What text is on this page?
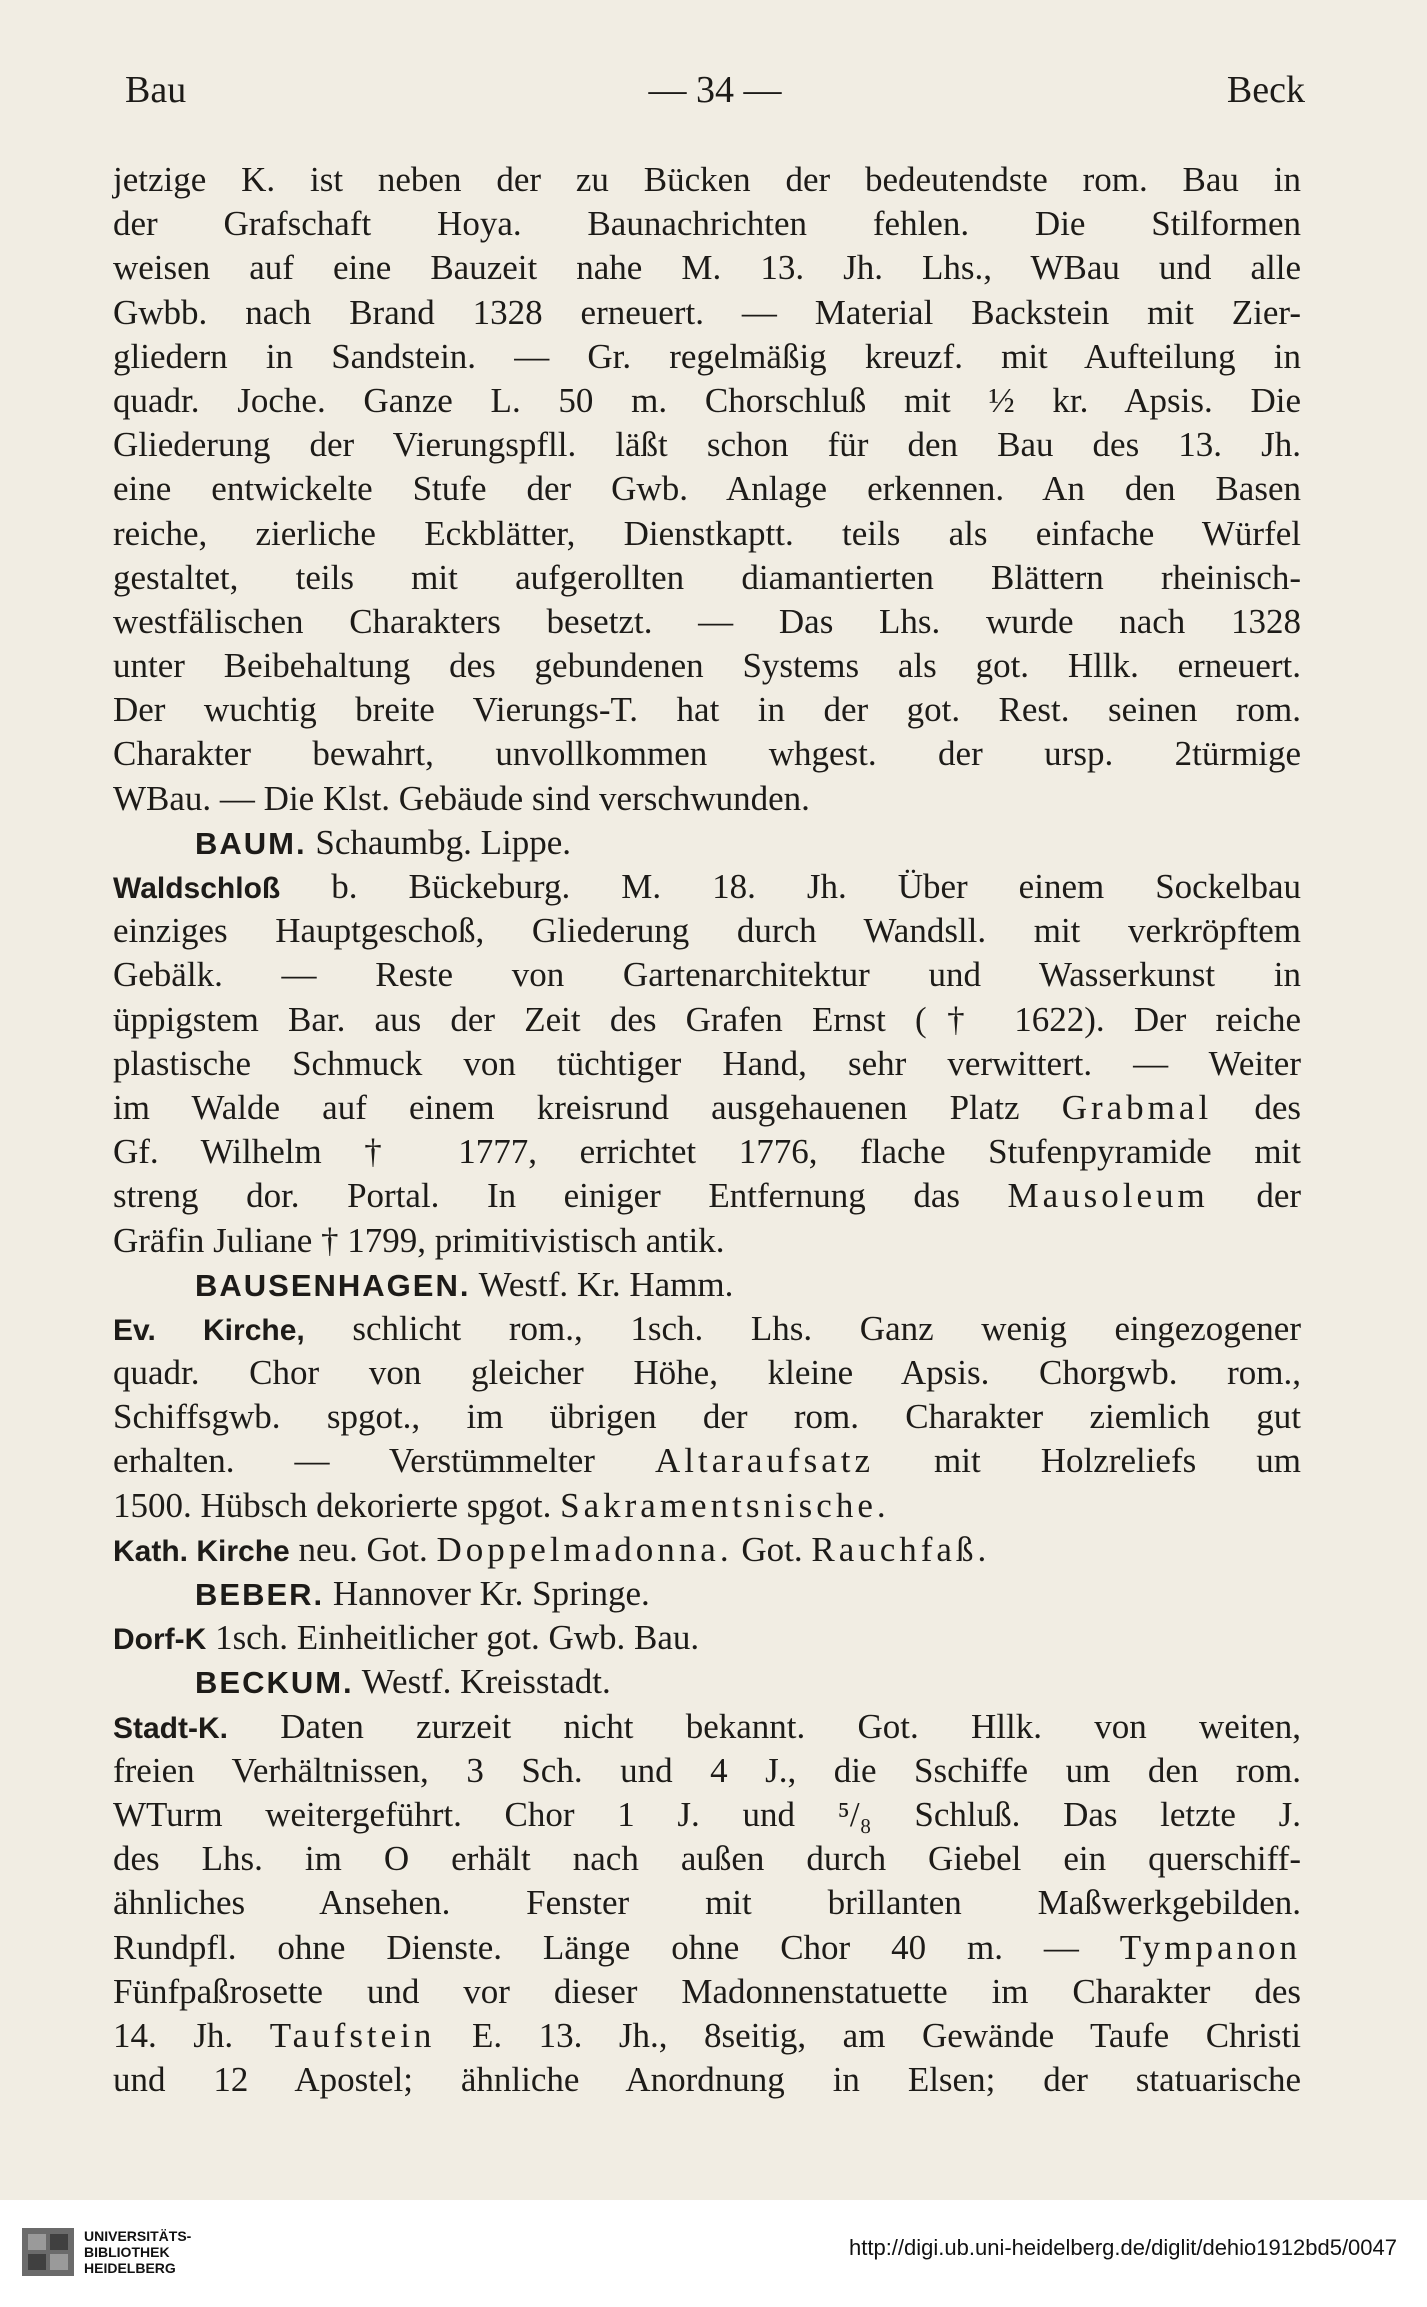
Bau	— 34 —	Beck
jetzige K. ist neben der zu Bücken der bedeutendste rom. Bau in
der Grafschaft Hoya. Baunachrichten fehlen. Die Stilformen
weisen auf eine Bauzeit nahe M. 13. Jh. Lhs., WBau und alle
Gwbb. nach Brand 1328 erneuert. — Material Backstein mit Zier-
gliedern in Sandstein. — Gr. regelmäßig kreuzf. mit Aufteilung in
quadr. Joche. Ganze L. 50 m. Chorschluß mit ½ kr. Apsis. Die
Gliederung der Vierungspfll. läßt schon für den Bau des 13. Jh.
eine entwickelte Stufe der Gwb. Anlage erkennen. An den Basen
reiche, zierliche Eckblätter, Dienstkaptt. teils als einfache Würfel
gestaltet, teils mit aufgerollten diamantierten Blättern rheinisch-
westfälischen Charakters besetzt. — Das Lhs. wurde nach 1328
unter Beibehaltung des gebundenen Systems als got. Hllk. erneuert.
Der wuchtig breite Vierungs-T. hat in der got. Rest. seinen rom.
Charakter bewahrt, unvollkommen whgest. der ursp. 2türmige
WBau. — Die Klst. Gebäude sind verschwunden.
BAUM. Schaumbg. Lippe.
Waldschloß b. Bückeburg. M. 18. Jh. Über einem Sockelbau
einziges Hauptgeschoß, Gliederung durch Wandsll. mit verkröpftem
Gebälk. — Reste von Gartenarchitektur und Wasserkunst in
üppigstem Bar. aus der Zeit des Grafen Ernst († 1622). Der reiche
plastische Schmuck von tüchtiger Hand, sehr verwittert. — Weiter
im Walde auf einem kreisrund ausgehauenen Platz Grabmal des
Gf. Wilhelm † 1777, errichtet 1776, flache Stufenpyramide mit
streng dor. Portal. In einiger Entfernung das Mausoleum der
Gräfin Juliane † 1799, primitivistisch antik.
BAUSENHAGEN. Westf. Kr. Hamm.
Ev. Kirche, schlicht rom., 1sch. Lhs. Ganz wenig eingezogener
quadr. Chor von gleicher Höhe, kleine Apsis. Chorgwb. rom.,
Schiffsgwb. spgot., im übrigen der rom. Charakter ziemlich gut
erhalten. — Verstümmelter Altaraufsatz mit Holzreliefs um
1500. Hübsch dekorierte spgot. Sakramentsnische.
Kath. Kirche neu. Got. Doppelmadonna. Got. Rauchfaß.
BEBER. Hannover Kr. Springe.
Dorf-K 1sch. Einheitlicher got. Gwb. Bau.
BECKUM. Westf. Kreisstadt.
Stadt-K. Daten zurzeit nicht bekannt. Got. Hllk. von weiten,
freien Verhältnissen, 3 Sch. und 4 J., die Sschiffe um den rom.
WTurm weitergeführt. Chor 1 J. und ⁵/₈ Schluß. Das letzte J.
des Lhs. im O erhält nach außen durch Giebel ein querschiff-
ähnliches Ansehen. Fenster mit brillanten Maßwerkgebilden.
Rundpfl. ohne Dienste. Länge ohne Chor 40 m. — Tympanon
Fünfpaßrosette und vor dieser Madonnenstatuette im Charakter des
14. Jh. Taufstein E. 13. Jh., 8seitig, am Gewände Taufe Christi
und 12 Apostel; ähnliche Anordnung in Elsen; der statuarische
UNIVERSITÄTS-
BIBLIOTHEK
HEIDELBERG
http://digi.ub.uni-heidelberg.de/diglit/dehio1912bd5/0047
